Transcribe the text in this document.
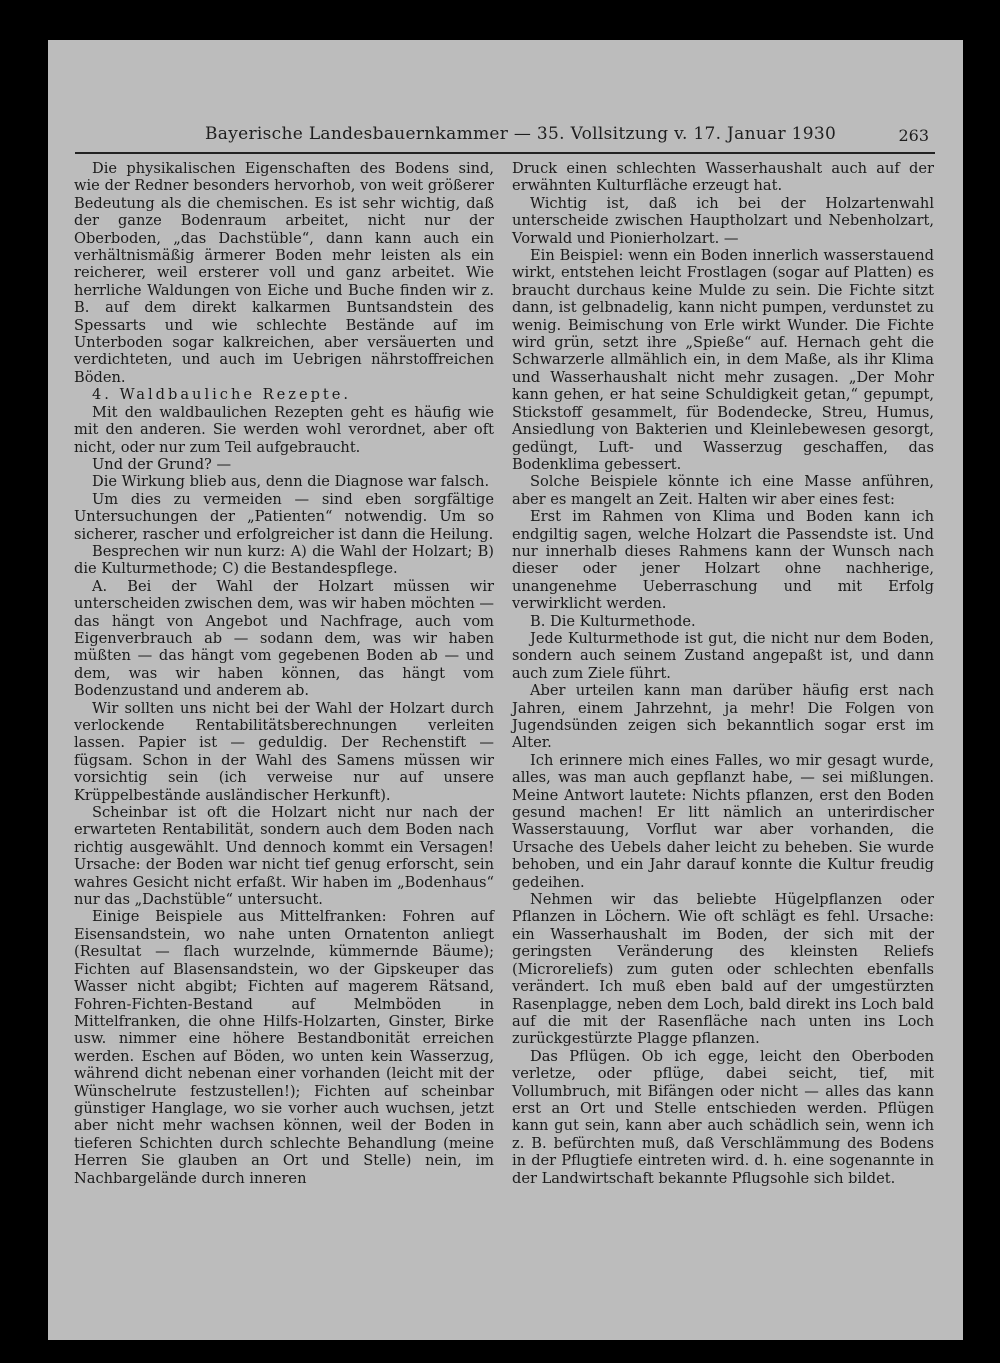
Bayerische Landesbauernkammer — 35. Vollsitzung v. 17. Januar 1930	263

Die physikalischen Eigenschaften des Bodens sind, wie der Redner besonders hervorhob, von weit größerer Bedeutung als die chemischen. Es ist sehr wichtig, daß der ganze Bodenraum arbeitet, nicht nur der Oberboden, „das Dachstüble“, dann kann auch ein verhältnismäßig ärmerer Boden mehr leisten als ein reicherer, weil ersterer voll und ganz arbeitet. Wie herrliche Waldungen von Eiche und Buche finden wir z. B. auf dem direkt kalkarmen Buntsandstein des Spessarts und wie schlechte Bestände auf im Unterboden sogar kalkreichen, aber versäuerten und verdichteten, und auch im Uebrigen nährstoffreichen Böden.

4. Waldbauliche Rezepte.

Mit den waldbaulichen Rezepten geht es häufig wie mit den anderen. Sie werden wohl verordnet, aber oft nicht, oder nur zum Teil aufgebraucht.

Und der Grund? —

Die Wirkung blieb aus, denn die Diagnose war falsch.

Um dies zu vermeiden — sind eben sorgfältige Untersuchungen der „Patienten“ notwendig. Um so sicherer, rascher und erfolgreicher ist dann die Heilung.

Besprechen wir nun kurz: A) die Wahl der Holzart; B) die Kulturmethode; C) die Bestandespflege.

A. Bei der Wahl der Holzart müssen wir unterscheiden zwischen dem, was wir haben möchten — das hängt von Angebot und Nachfrage, auch vom Eigenverbrauch ab — sodann dem, was wir haben müßten — das hängt vom gegebenen Boden ab — und dem, was wir haben können, das hängt vom Bodenzustand und anderem ab.

Wir sollten uns nicht bei der Wahl der Holzart durch verlockende Rentabilitätsberechnungen verleiten lassen. Papier ist — geduldig. Der Rechenstift — fügsam. Schon in der Wahl des Samens müssen wir vorsichtig sein (ich verweise nur auf unsere Krüppelbestände ausländischer Herkunft).

Scheinbar ist oft die Holzart nicht nur nach der erwarteten Rentabilität, sondern auch dem Boden nach richtig ausgewählt. Und dennoch kommt ein Versagen! Ursache: der Boden war nicht tief genug erforscht, sein wahres Gesicht nicht erfaßt. Wir haben im „Bodenhaus“ nur das „Dachstüble“ untersucht.

Einige Beispiele aus Mittelfranken: Fohren auf Eisensandstein, wo nahe unten Ornatenton anliegt (Resultat — flach wurzelnde, kümmernde Bäume); Fichten auf Blasensandstein, wo der Gipskeuper das Wasser nicht abgibt; Fichten auf magerem Rätsand, Fohren-Fichten-Bestand auf Melmböden in Mittelfranken, die ohne Hilfs-Holzarten, Ginster, Birke usw. nimmer eine höhere Bestandbonität erreichen werden. Eschen auf Böden, wo unten kein Wasserzug, während dicht nebenan einer vorhanden (leicht mit der Wünschelrute festzustellen!); Fichten auf scheinbar günstiger Hanglage, wo sie vorher auch wuchsen, jetzt aber nicht mehr wachsen können, weil der Boden in tieferen Schichten durch schlechte Behandlung (meine Herren Sie glauben an Ort und Stelle) nein, im Nachbargelände durch inneren

Druck einen schlechten Wasserhaushalt auch auf der erwähnten Kulturfläche erzeugt hat.

Wichtig ist, daß ich bei der Holzartenwahl unterscheide zwischen Hauptholzart und Nebenholzart, Vorwald und Pionierholzart. —

Ein Beispiel: wenn ein Boden innerlich wasserstauend wirkt, entstehen leicht Frostlagen (sogar auf Platten) es braucht durchaus keine Mulde zu sein. Die Fichte sitzt dann, ist gelbnadelig, kann nicht pumpen, verdunstet zu wenig. Beimischung von Erle wirkt Wunder. Die Fichte wird grün, setzt ihre „Spieße“ auf. Hernach geht die Schwarzerle allmählich ein, in dem Maße, als ihr Klima und Wasserhaushalt nicht mehr zusagen. „Der Mohr kann gehen, er hat seine Schuldigkeit getan,“ gepumpt, Stickstoff gesammelt, für Bodendecke, Streu, Humus, Ansiedlung von Bakterien und Kleinlebewesen gesorgt, gedüngt, Luft- und Wasserzug geschaffen, das Bodenklima gebessert.

Solche Beispiele könnte ich eine Masse anführen, aber es mangelt an Zeit. Halten wir aber eines fest:

Erst im Rahmen von Klima und Boden kann ich endgiltig sagen, welche Holzart die Passendste ist. Und nur innerhalb dieses Rahmens kann der Wunsch nach dieser oder jener Holzart ohne nachherige, unangenehme Ueberraschung und mit Erfolg verwirklicht werden.

B. Die Kulturmethode.

Jede Kulturmethode ist gut, die nicht nur dem Boden, sondern auch seinem Zustand angepaßt ist, und dann auch zum Ziele führt.

Aber urteilen kann man darüber häufig erst nach Jahren, einem Jahrzehnt, ja mehr! Die Folgen von Jugendsünden zeigen sich bekanntlich sogar erst im Alter.

Ich erinnere mich eines Falles, wo mir gesagt wurde, alles, was man auch gepflanzt habe, — sei mißlungen. Meine Antwort lautete: Nichts pflanzen, erst den Boden gesund machen! Er litt nämlich an unterirdischer Wasserstauung, Vorflut war aber vorhanden, die Ursache des Uebels daher leicht zu beheben. Sie wurde behoben, und ein Jahr darauf konnte die Kultur freudig gedeihen.

Nehmen wir das beliebte Hügelpflanzen oder Pflanzen in Löchern. Wie oft schlägt es fehl. Ursache: ein Wasserhaushalt im Boden, der sich mit der geringsten Veränderung des kleinsten Reliefs (Microreliefs) zum guten oder schlechten ebenfalls verändert. Ich muß eben bald auf der umgestürzten Rasenplagge, neben dem Loch, bald direkt ins Loch bald auf die mit der Rasenfläche nach unten ins Loch zurückgestürzte Plagge pflanzen.

Das Pflügen. Ob ich egge, leicht den Oberboden verletze, oder pflüge, dabei seicht, tief, mit Vollumbruch, mit Bifängen oder nicht — alles das kann erst an Ort und Stelle entschieden werden. Pflügen kann gut sein, kann aber auch schädlich sein, wenn ich z. B. befürchten muß, daß Verschlämmung des Bodens in der Pflugtiefe eintreten wird. d. h. eine sogenannte in der Landwirtschaft bekannte Pflugsohle sich bildet.
